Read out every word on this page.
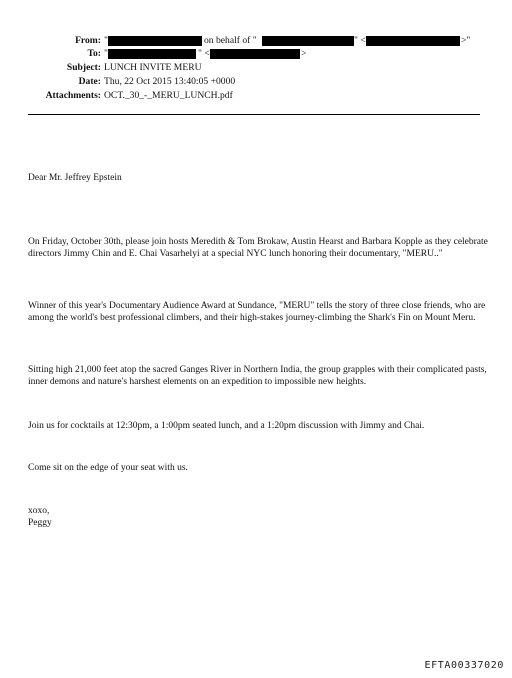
From: "	on behalf of "	" <	>"
To: "	" <	>
Subject: LUNCH INVITE MERU
Date: Thu, 22 Oct 2015 13:40:05 +0000
Attachments: OCT._30_-_MERU_LUNCH.pdf
Dear Mr. Jeffrey Epstein
On Friday, October 30th, please join hosts Meredith & Tom Brokaw, Austin Hearst and Barbara Kopple as they celebrate directors Jimmy Chin and E. Chai Vasarhelyi at a special NYC lunch honoring their documentary, "MERU.."
Winner of this year's Documentary Audience Award at Sundance, "MERU" tells the story of three close friends, who are among the world's best professional climbers, and their high-stakes journey-climbing the Shark's Fin on Mount Meru.
Sitting high 21,000 feet atop the sacred Ganges River in Northern India, the group grapples with their complicated pasts, inner demons and nature's harshest elements on an expedition to impossible new heights.
Join us for cocktails at 12:30pm, a 1:00pm seated lunch, and a 1:20pm discussion with Jimmy and Chai.
Come sit on the edge of your seat with us.
xoxo,
Peggy
EFTA00337020
